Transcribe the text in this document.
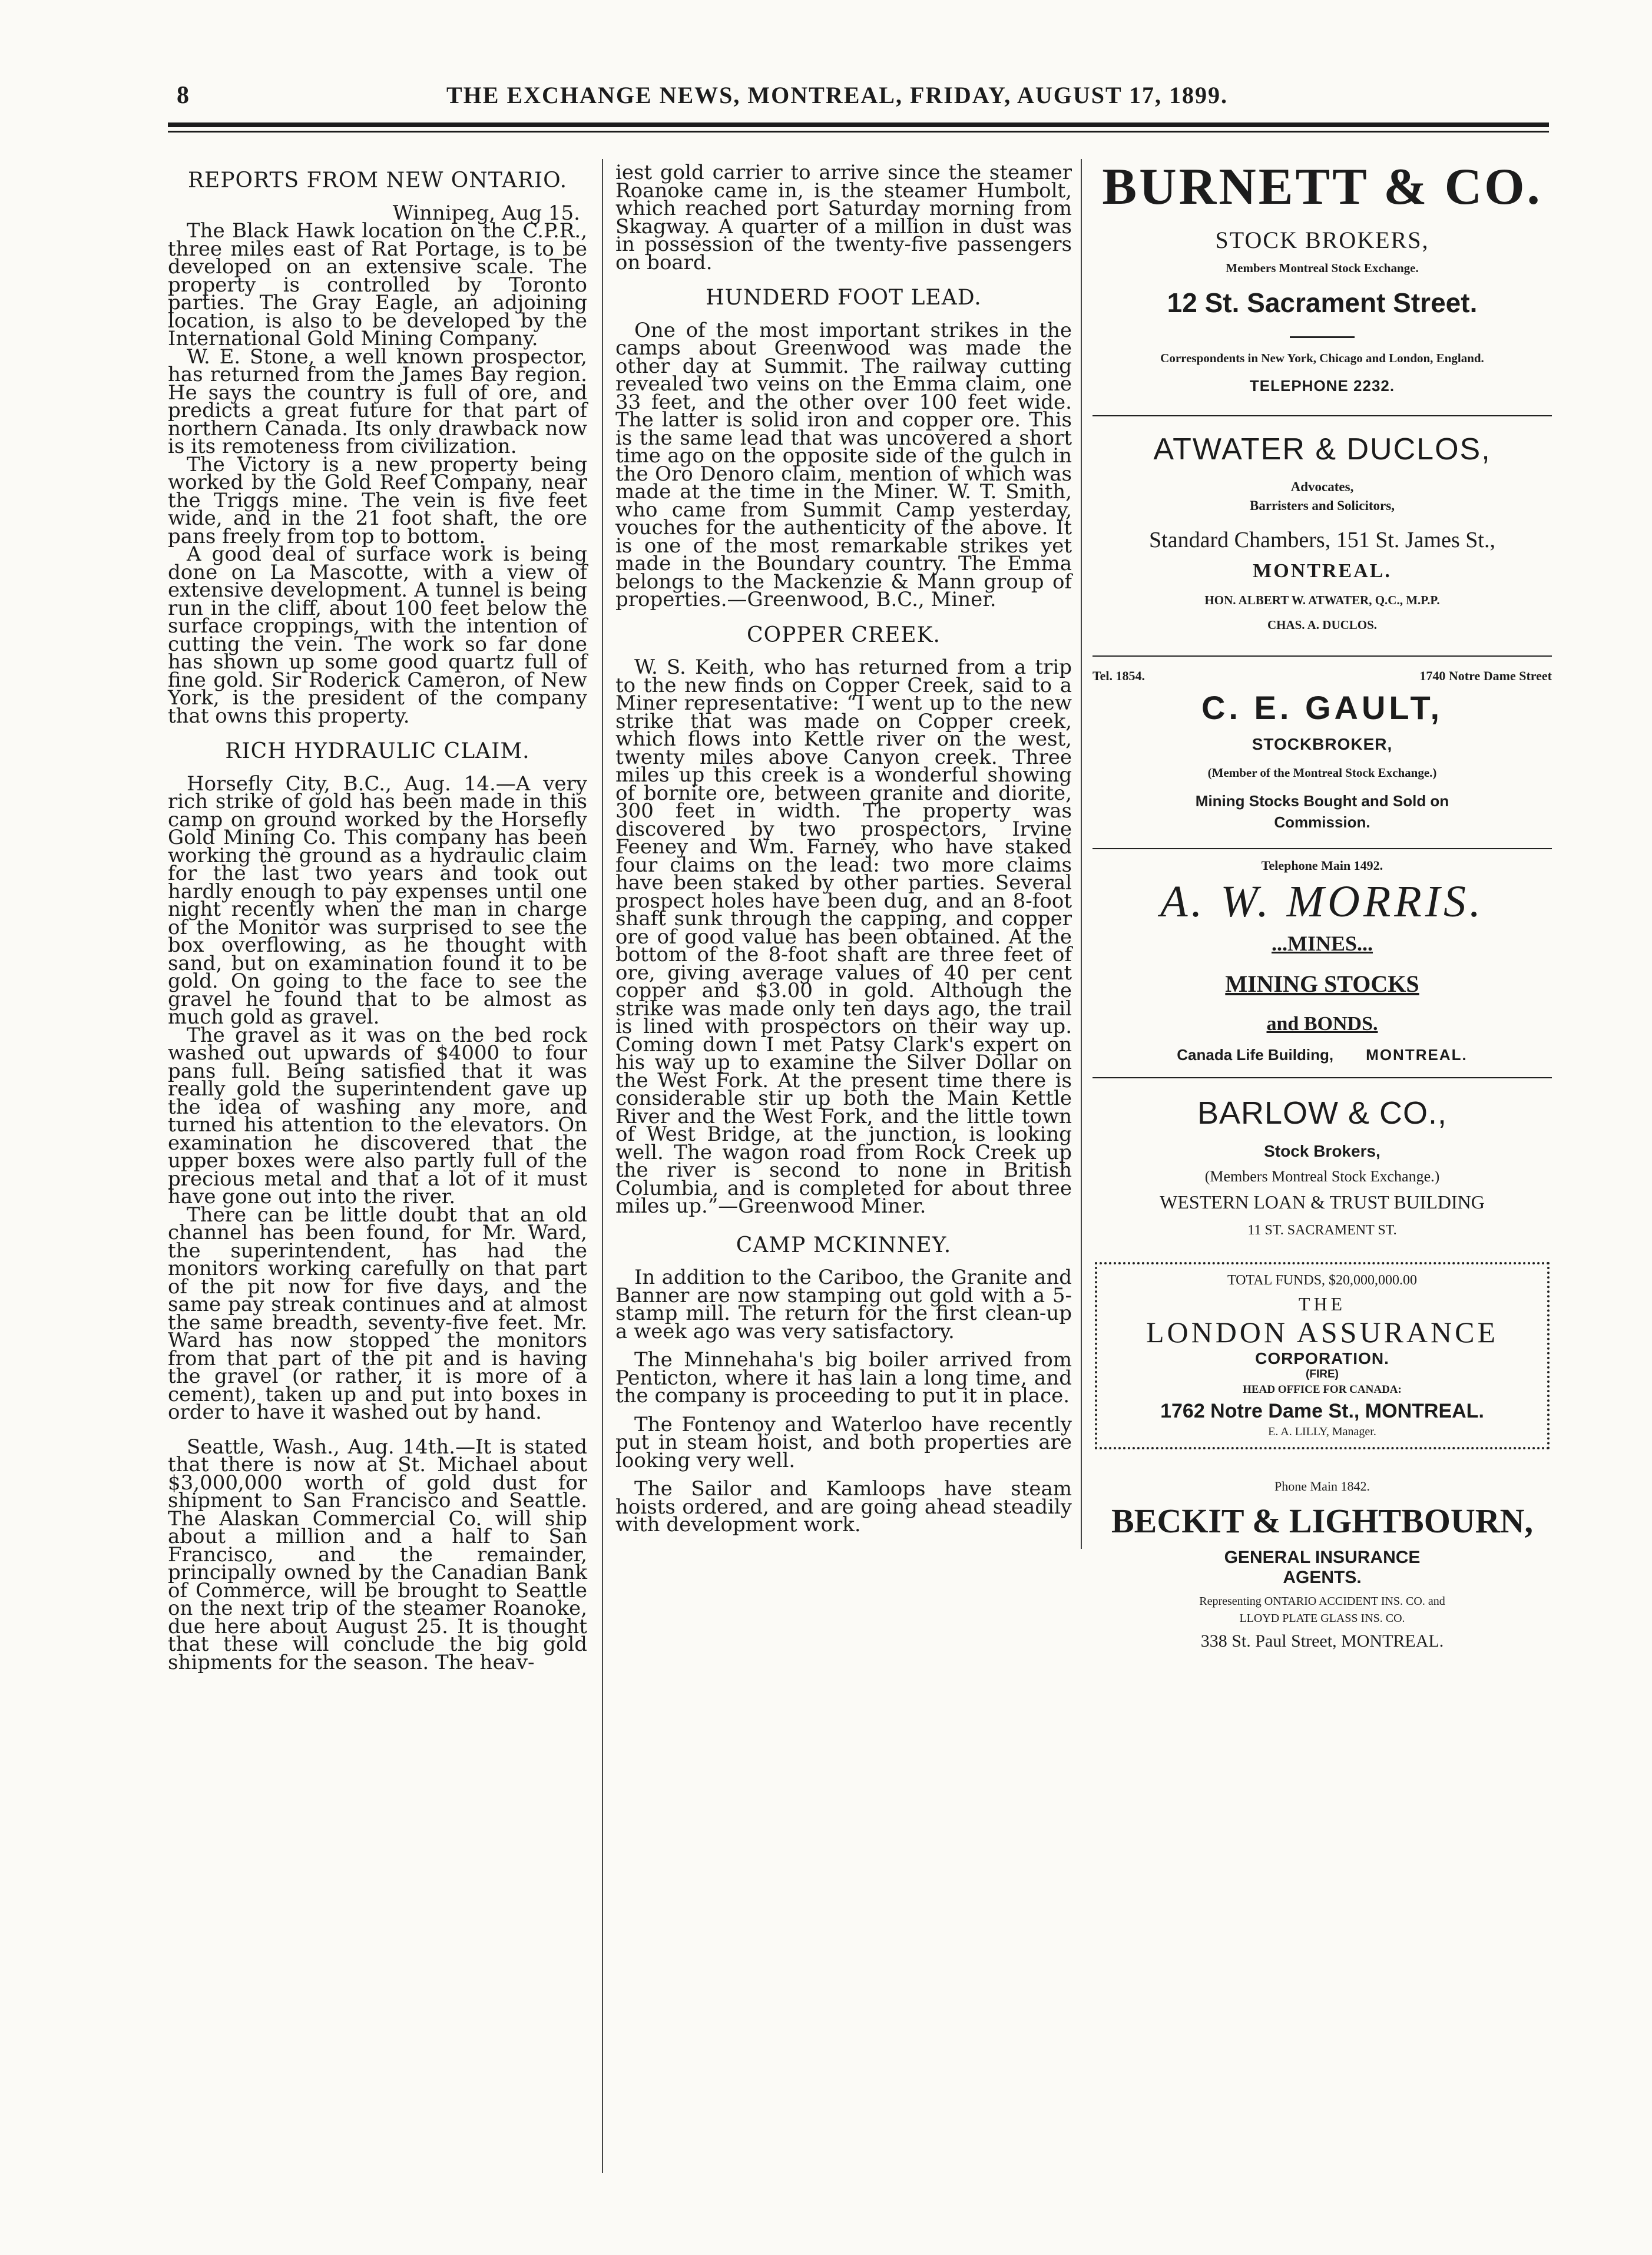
8	THE EXCHANGE NEWS, MONTREAL, FRIDAY, AUGUST 17, 1899.
REPORTS FROM NEW ONTARIO.

Winnipeg, Aug 15.

The Black Hawk location on the C.P.R., three miles east of Rat Portage, is to be developed on an extensive scale. The property is controlled by Toronto parties. The Gray Eagle, an adjoining location, is also to be developed by the International Gold Mining Company.

W. E. Stone, a well known prospector, has returned from the James Bay region. He says the country is full of ore, and predicts a great future for that part of northern Canada. Its only drawback now is its remoteness from civilization.

The Victory is a new property being worked by the Gold Reef Company, near the Triggs mine. The vein is five feet wide, and in the 21 foot shaft, the ore pans freely from top to bottom.

A good deal of surface work is being done on La Mascotte, with a view of extensive development. A tunnel is being run in the cliff, about 100 feet below the surface croppings, with the intention of cutting the vein. The work so far done has shown up some good quartz full of fine gold. Sir Roderick Cameron, of New York, is the president of the company that owns this property.

RICH HYDRAULIC CLAIM.

Horsefly City, B.C., Aug. 14.—A very rich strike of gold has been made in this camp on ground worked by the Horsefly Gold Mining Co. This company has been working the ground as a hydraulic claim for the last two years and took out hardly enough to pay expenses until one night recently when the man in charge of the Monitor was surprised to see the box overflowing, as he thought with sand, but on examination found it to be gold. On going to the face to see the gravel he found that to be almost as much gold as gravel.

The gravel as it was on the bed rock washed out upwards of $4000 to four pans full. Being satisfied that it was really gold the superintendent gave up the idea of washing any more, and turned his attention to the elevators. On examination he discovered that the upper boxes were also partly full of the precious metal and that a lot of it must have gone out into the river.

There can be little doubt that an old channel has been found, for Mr. Ward, the superintendent, has had the monitors working carefully on that part of the pit now for five days, and the same pay streak continues and at almost the same breadth, seventy-five feet. Mr. Ward has now stopped the monitors from that part of the pit and is having the gravel (or rather, it is more of a cement), taken up and put into boxes in order to have it washed out by hand.

Seattle, Wash., Aug. 14th.—It is stated that there is now at St. Michael about $3,000,000 worth of gold dust for shipment to San Francisco and Seattle. The Alaskan Commercial Co. will ship about a million and a half to San Francisco, and the remainder, principally owned by the Canadian Bank of Commerce, will be brought to Seattle on the next trip of the steamer Roanoke, due here about August 25. It is thought that these will conclude the big gold shipments for the season. The heav-

iest gold carrier to arrive since the steamer Roanoke came in, is the steamer Humbolt, which reached port Saturday morning from Skagway. A quarter of a million in dust was in possession of the twenty-five passengers on board.

HUNDERD FOOT LEAD.

One of the most important strikes in the camps about Greenwood was made the other day at Summit. The railway cutting revealed two veins on the Emma claim, one 33 feet, and the other over 100 feet wide. The latter is solid iron and copper ore. This is the same lead that was uncovered a short time ago on the opposite side of the gulch in the Oro Denoro claim, mention of which was made at the time in the Miner. W. T. Smith, who came from Summit Camp yesterday, vouches for the authenticity of the above. It is one of the most remarkable strikes yet made in the Boundary country. The Emma belongs to the Mackenzie & Mann group of properties.—Greenwood, B.C., Miner.

COPPER CREEK.

W. S. Keith, who has returned from a trip to the new finds on Copper Creek, said to a Miner representative: “I went up to the new strike that was made on Copper creek, which flows into Kettle river on the west, twenty miles above Canyon creek. Three miles up this creek is a wonderful showing of bornite ore, between granite and diorite, 300 feet in width. The property was discovered by two prospectors, Irvine Feeney and Wm. Farney, who have staked four claims on the lead: two more claims have been staked by other parties. Several prospect holes have been dug, and an 8-foot shaft sunk through the capping, and copper ore of good value has been obtained. At the bottom of the 8-foot shaft are three feet of ore, giving average values of 40 per cent copper and $3.00 in gold. Although the strike was made only ten days ago, the trail is lined with prospectors on their way up. Coming down I met Patsy Clark's expert on his way up to examine the Silver Dollar on the West Fork. At the present time there is considerable stir up both the Main Kettle River and the West Fork, and the little town of West Bridge, at the junction, is looking well. The wagon road from Rock Creek up the river is second to none in British Columbia, and is completed for about three miles up.”—Greenwood Miner.

CAMP MCKINNEY.

In addition to the Cariboo, the Granite and Banner are now stamping out gold with a 5-stamp mill. The return for the first clean-up a week ago was very satisfactory.

The Minnehaha's big boiler arrived from Penticton, where it has lain a long time, and the company is proceeding to put it in place.

The Fontenoy and Waterloo have recently put in steam hoist, and both properties are looking very well.

The Sailor and Kamloops have steam hoists ordered, and are going ahead steadily with development work.

BURNETT & CO.
STOCK BROKERS,
Members Montreal Stock Exchange.
12 St. Sacrament Street.
Correspondents in New York, Chicago and London, England.
TELEPHONE 2232.
ATWATER & DUCLOS,
Advocates,
Barristers and Solicitors,
Standard Chambers, 151 St. James St.,
MONTREAL.
HON. ALBERT W. ATWATER, Q.C., M.P.P.
CHAS. A. DUCLOS.
Tel. 1854.	1740 Notre Dame Street
C. E. GAULT,
STOCKBROKER,
(Member of the Montreal Stock Exchange.)
Mining Stocks Bought and Sold on Commission.
Telephone Main 1492.
A. W. MORRIS.
...MINES...
MINING STOCKS
and BONDS.
Canada Life Building, MONTREAL.
BARLOW & CO.,
Stock Brokers,
(Members Montreal Stock Exchange.)
WESTERN LOAN & TRUST BUILDING
11 ST. SACRAMENT ST.
TOTAL FUNDS, $20,000,000.00
THE
LONDON ASSURANCE
CORPORATION.
(FIRE)
HEAD OFFICE FOR CANADA:
1762 Notre Dame St., MONTREAL.
E. A. LILLY, Manager.
Phone Main 1842.
BECKIT & LIGHTBOURN,
GENERAL INSURANCE
AGENTS.
Representing ONTARIO ACCIDENT INS. CO. and
LLOYD PLATE GLASS INS. CO.
338 St. Paul Street, MONTREAL.
